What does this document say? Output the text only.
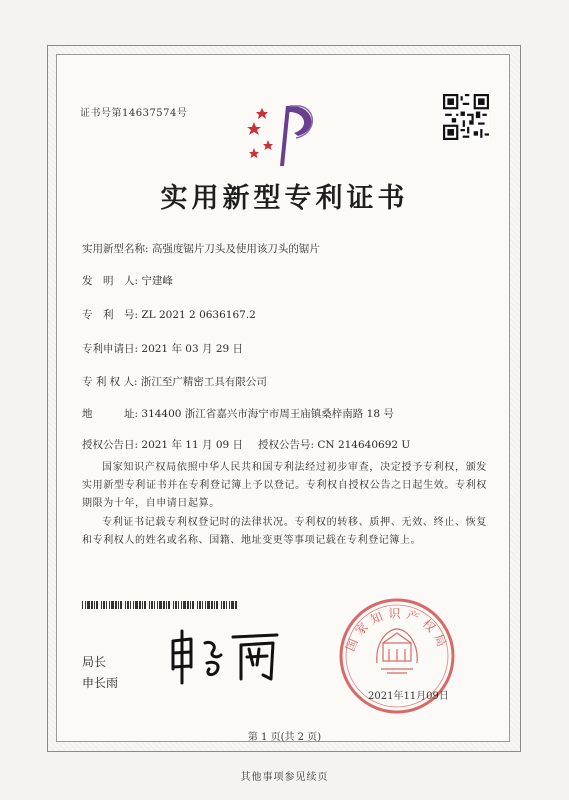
证书号第14637574号
实用新型专利证书
实用新型名称: 高强度锯片刀头及使用该刀头的锯片
发　明　人: 宁建峰
专　利　号: ZL 2021 2 0636167.2
专利申请日: 2021 年 03 月 29 日
专 利 权 人: 浙江至广精密工具有限公司
地　　　址: 314400 浙江省嘉兴市海宁市周王庙镇桑梓南路 18 号
授权公告日: 2021 年 11 月 09 日 授权公告号: CN 214640692 U
国家知识产权局依照中华人民共和国专利法经过初步审查，决定授予专利权，颁发实用新型专利证书并在专利登记簿上予以登记。专利权自授权公告之日起生效。专利权期限为十年，自申请日起算。
专利证书记载专利权登记时的法律状况。专利权的转移、质押、无效、终止、恢复和专利权人的姓名或名称、国籍、地址变更等事项记载在专利登记簿上。
局长
申长雨
国家知识产权局
2021年11月09日
第 1 页(共 2 页)
其他事项参见续页
